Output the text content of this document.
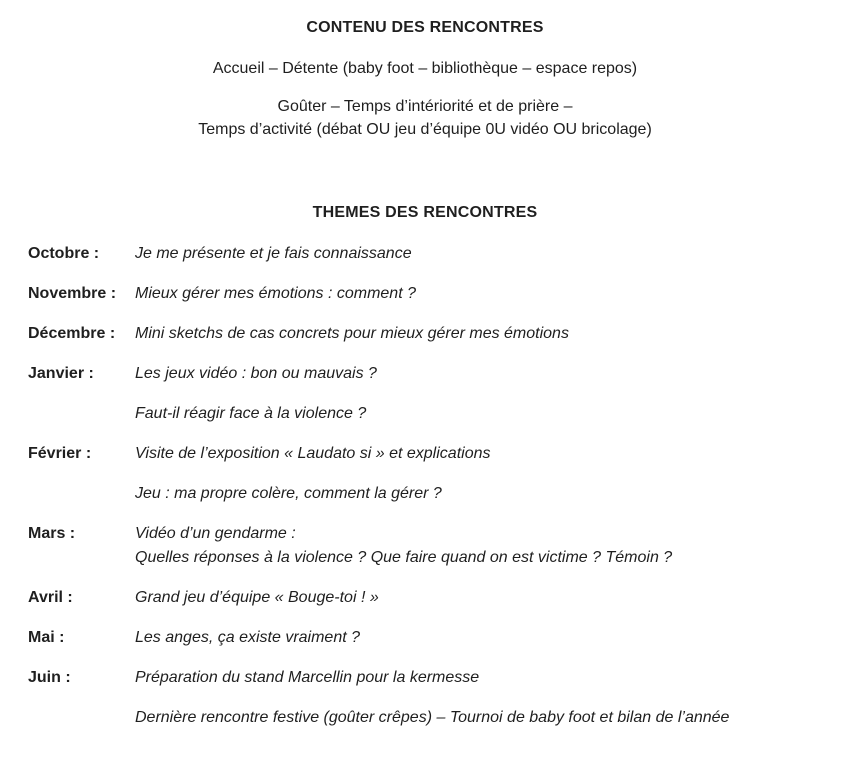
CONTENU DES RENCONTRES
Accueil – Détente (baby foot – bibliothèque – espace repos)
Goûter – Temps d’intériorité et de prière –
Temps d’activité (débat OU jeu d’équipe 0U vidéo OU bricolage)
THEMES DES RENCONTRES
Octobre :	Je me présente et je fais connaissance
Novembre :	Mieux gérer mes émotions : comment ?
Décembre :	Mini sketchs de cas concrets pour mieux gérer mes émotions
Janvier :	Les jeux vidéo : bon ou mauvais ?
Faut-il réagir face à la violence ?
Février :	Visite de l’exposition « Laudato si » et explications
Jeu : ma propre colère, comment la gérer ?
Mars :	Vidéo d’un gendarme :
Quelles réponses à la violence ? Que faire quand on est victime ? Témoin ?
Avril :	Grand jeu d’équipe « Bouge-toi ! »
Mai :	Les anges, ça existe vraiment ?
Juin :	Préparation du stand Marcellin pour la kermesse
Dernière rencontre festive (goûter crêpes) – Tournoi de baby foot et bilan de l’année
